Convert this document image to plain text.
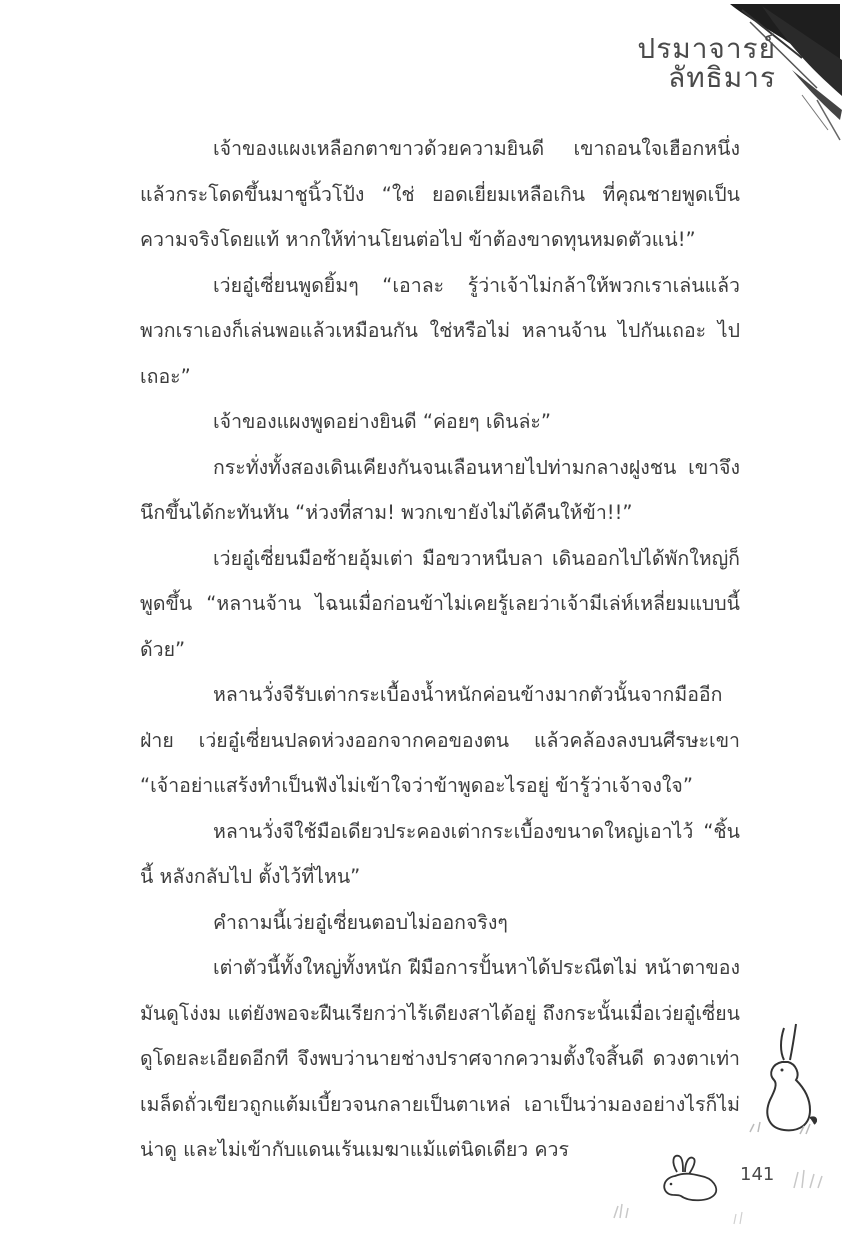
ปรมาจารย์
ลัทธิมาร

เจ้าของแผงเหลือกตาขาวด้วยความยินดี เขาถอนใจเฮือกหนึ่ง แล้วกระโดดขึ้นมาชูนิ้วโป้ง “ใช่ ยอดเยี่ยมเหลือเกิน ที่คุณชายพูดเป็นความจริงโดยแท้ หากให้ท่านโยนต่อไป ข้าต้องขาดทุนหมดตัวแน่!”

เว่ยอู๋เซี่ยนพูดยิ้มๆ “เอาละ รู้ว่าเจ้าไม่กล้าให้พวกเราเล่นแล้ว พวกเราเองก็เล่นพอแล้วเหมือนกัน ใช่หรือไม่ หลานจ้าน ไปกันเถอะ ไปเถอะ”

เจ้าของแผงพูดอย่างยินดี “ค่อยๆ เดินล่ะ”

กระทั่งทั้งสองเดินเคียงกันจนเลือนหายไปท่ามกลางฝูงชน เขาจึงนึกขึ้นได้กะทันหัน “ห่วงที่สาม! พวกเขายังไม่ได้คืนให้ข้า!!”

เว่ยอู๋เซี่ยนมือซ้ายอุ้มเต่า มือขวาหนีบลา เดินออกไปได้พักใหญ่ก็พูดขึ้น “หลานจ้าน ไฉนเมื่อก่อนข้าไม่เคยรู้เลยว่าเจ้ามีเล่ห์เหลี่ยมแบบนี้ด้วย”

หลานวั่งจีรับเต่ากระเบื้องน้ำหนักค่อนข้างมากตัวนั้นจากมืออีกฝ่าย เว่ยอู๋เซี่ยนปลดห่วงออกจากคอของตน แล้วคล้องลงบนศีรษะเขา “เจ้าอย่าแสร้งทำเป็นฟังไม่เข้าใจว่าข้าพูดอะไรอยู่ ข้ารู้ว่าเจ้าจงใจ”

หลานวั่งจีใช้มือเดียวประคองเต่ากระเบื้องขนาดใหญ่เอาไว้ “ชิ้นนี้ หลังกลับไป ตั้งไว้ที่ไหน”

คำถามนี้เว่ยอู๋เซี่ยนตอบไม่ออกจริงๆ

เต่าตัวนี้ทั้งใหญ่ทั้งหนัก ฝีมือการปั้นหาได้ประณีตไม่ หน้าตาของมันดูโง่งม แต่ยังพอจะฝืนเรียกว่าไร้เดียงสาได้อยู่ ถึงกระนั้นเมื่อเว่ยอู๋เซี่ยนดูโดยละเอียดอีกที จึงพบว่านายช่างปราศจากความตั้งใจสิ้นดี ดวงตาเท่าเมล็ดถั่วเขียวถูกแต้มเบี้ยวจนกลายเป็นตาเหล่ เอาเป็นว่ามองอย่างไรก็ไม่น่าดู และไม่เข้ากับแดนเร้นเมฆาแม้แต่นิดเดียว ควร

141
